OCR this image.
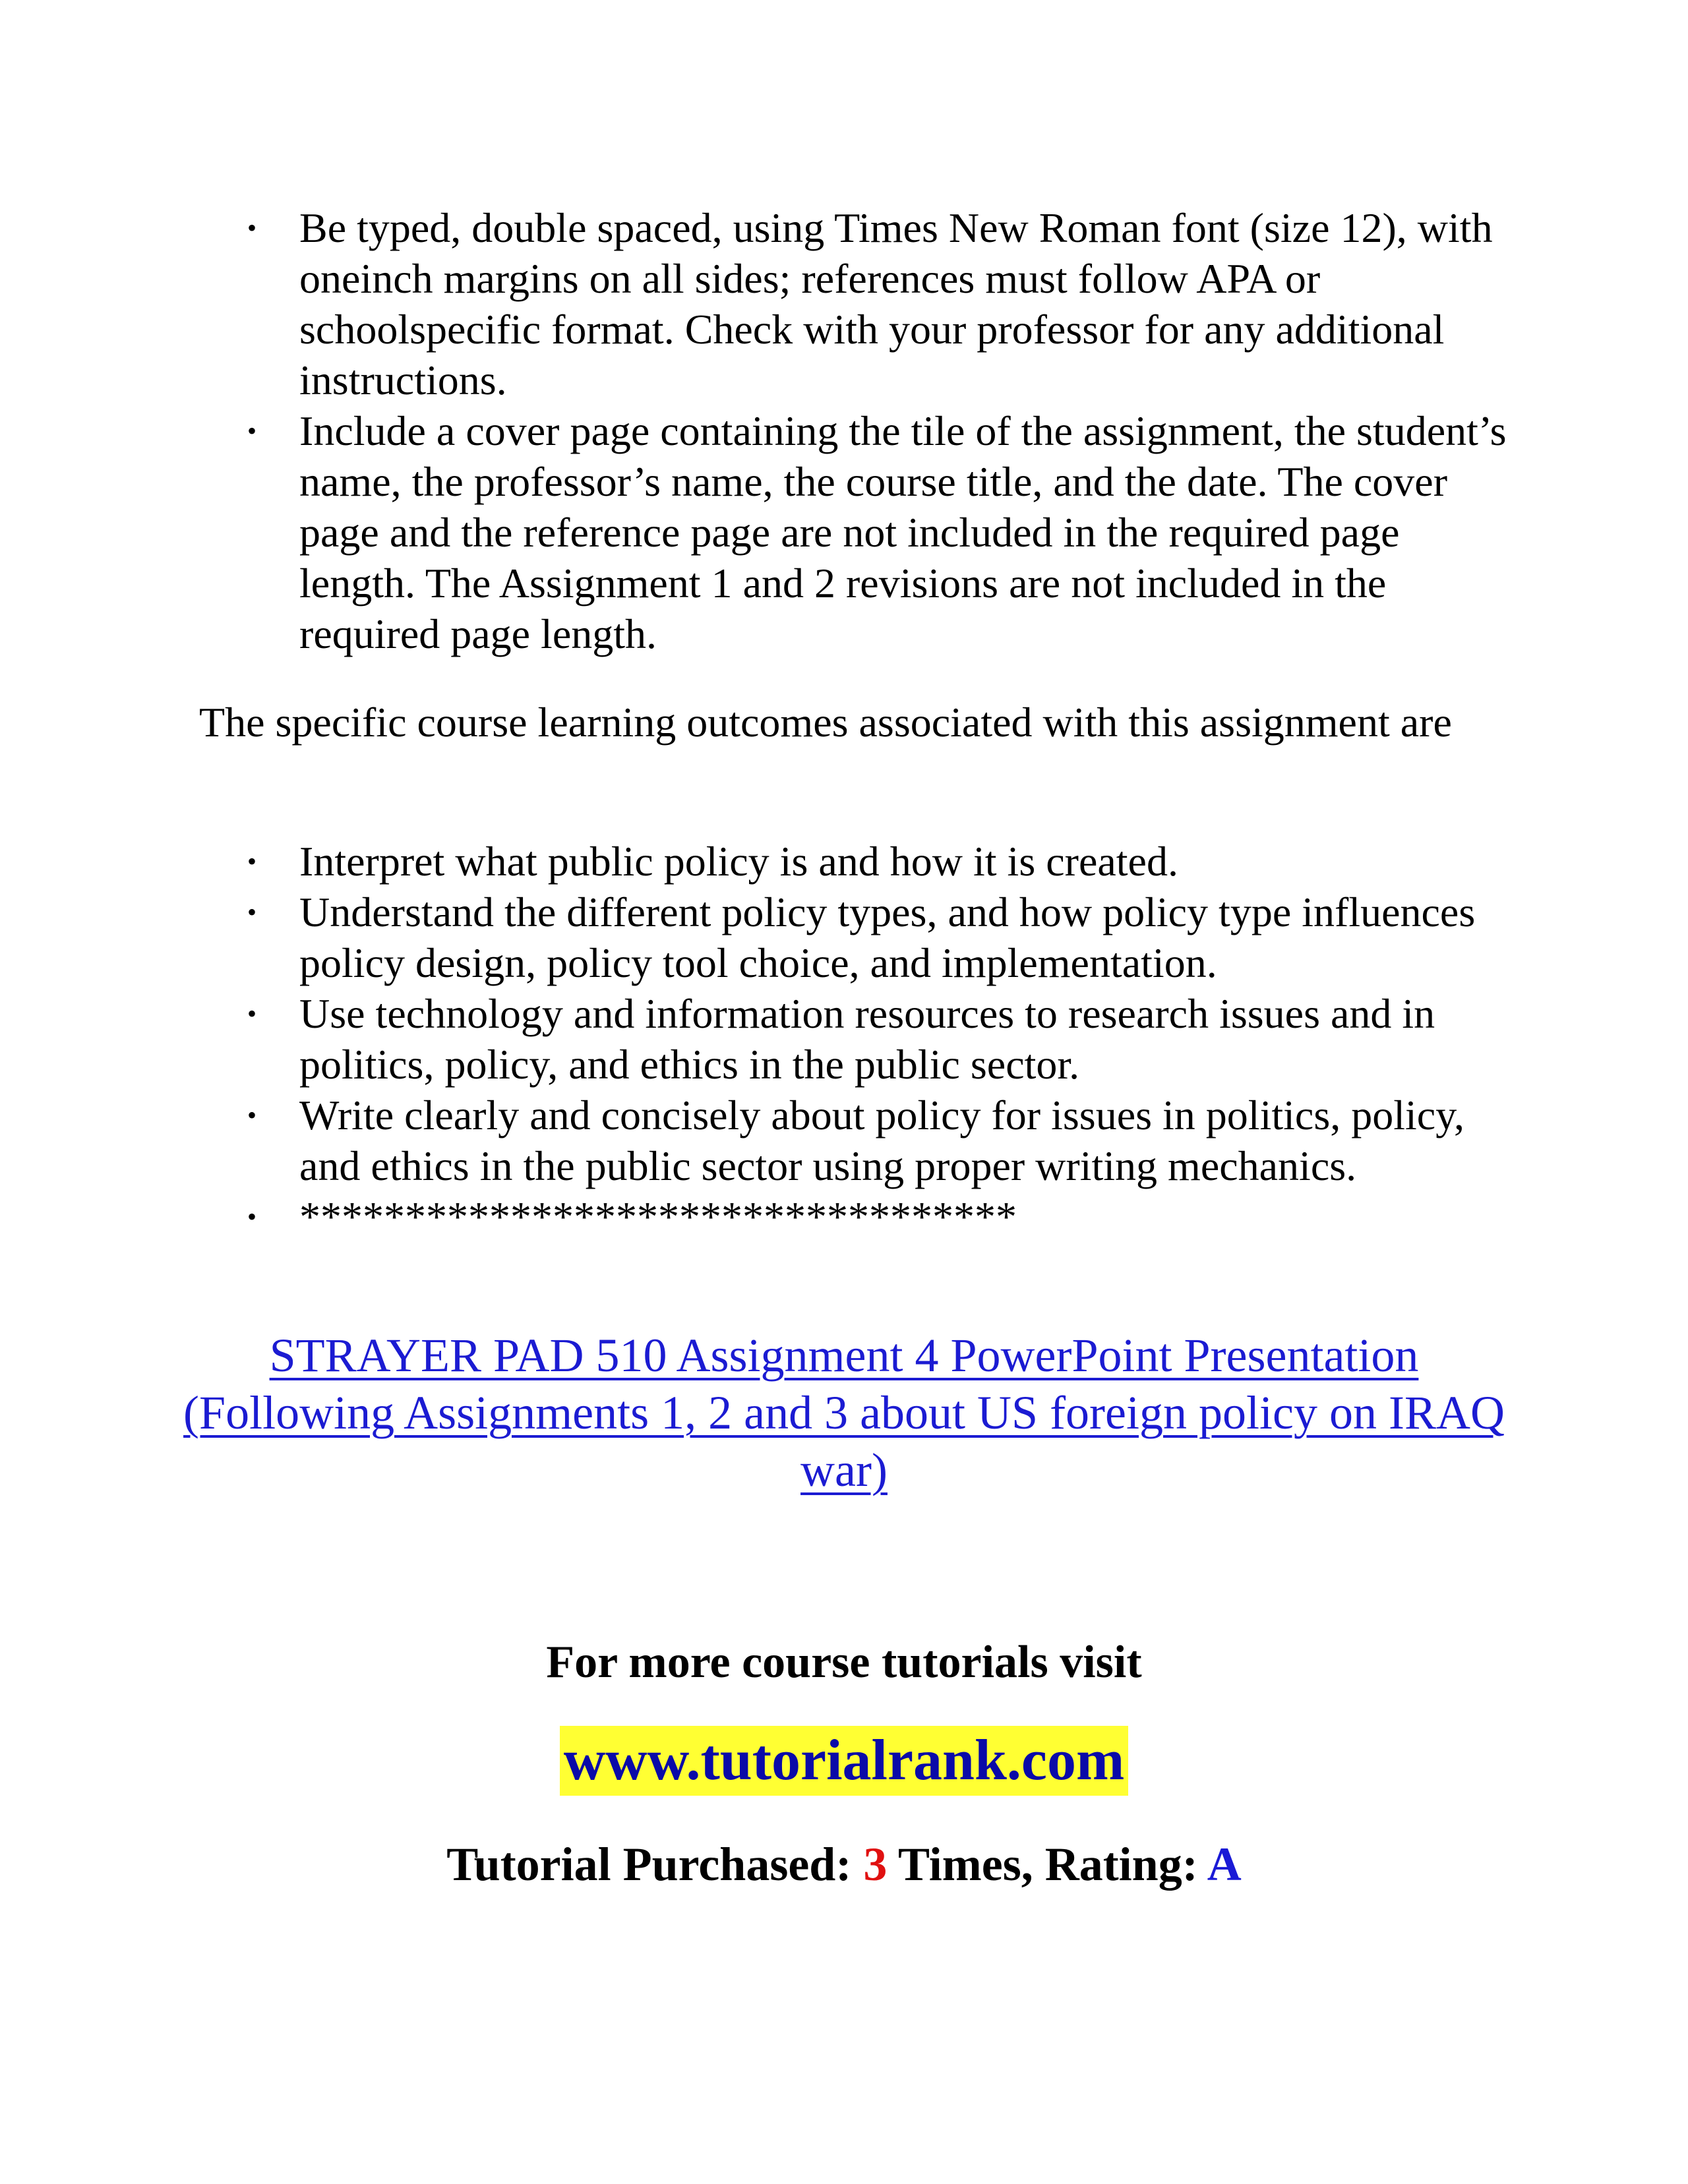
• Be typed, double spaced, using Times New Roman font (size 12), with oneinch margins on all sides; references must follow APA or schoolspecific format. Check with your professor for any additional instructions.
• Include a cover page containing the tile of the assignment, the student’s name, the professor’s name, the course title, and the date. The cover page and the reference page are not included in the required page length. The Assignment 1 and 2 revisions are not included in the required page length.

The specific course learning outcomes associated with this assignment are

• Interpret what public policy is and how it is created.
• Understand the different policy types, and how policy type influences policy design, policy tool choice, and implementation.
• Use technology and information resources to research issues and in politics, policy, and ethics in the public sector.
• Write clearly and concisely about policy for issues in politics, policy, and ethics in the public sector using proper writing mechanics.
• **********************************
STRAYER PAD 510 Assignment 4 PowerPoint Presentation (Following Assignments 1, 2 and 3 about US foreign policy on IRAQ war)
For more course tutorials visit
www.tutorialrank.com
Tutorial Purchased: 3 Times, Rating: A
